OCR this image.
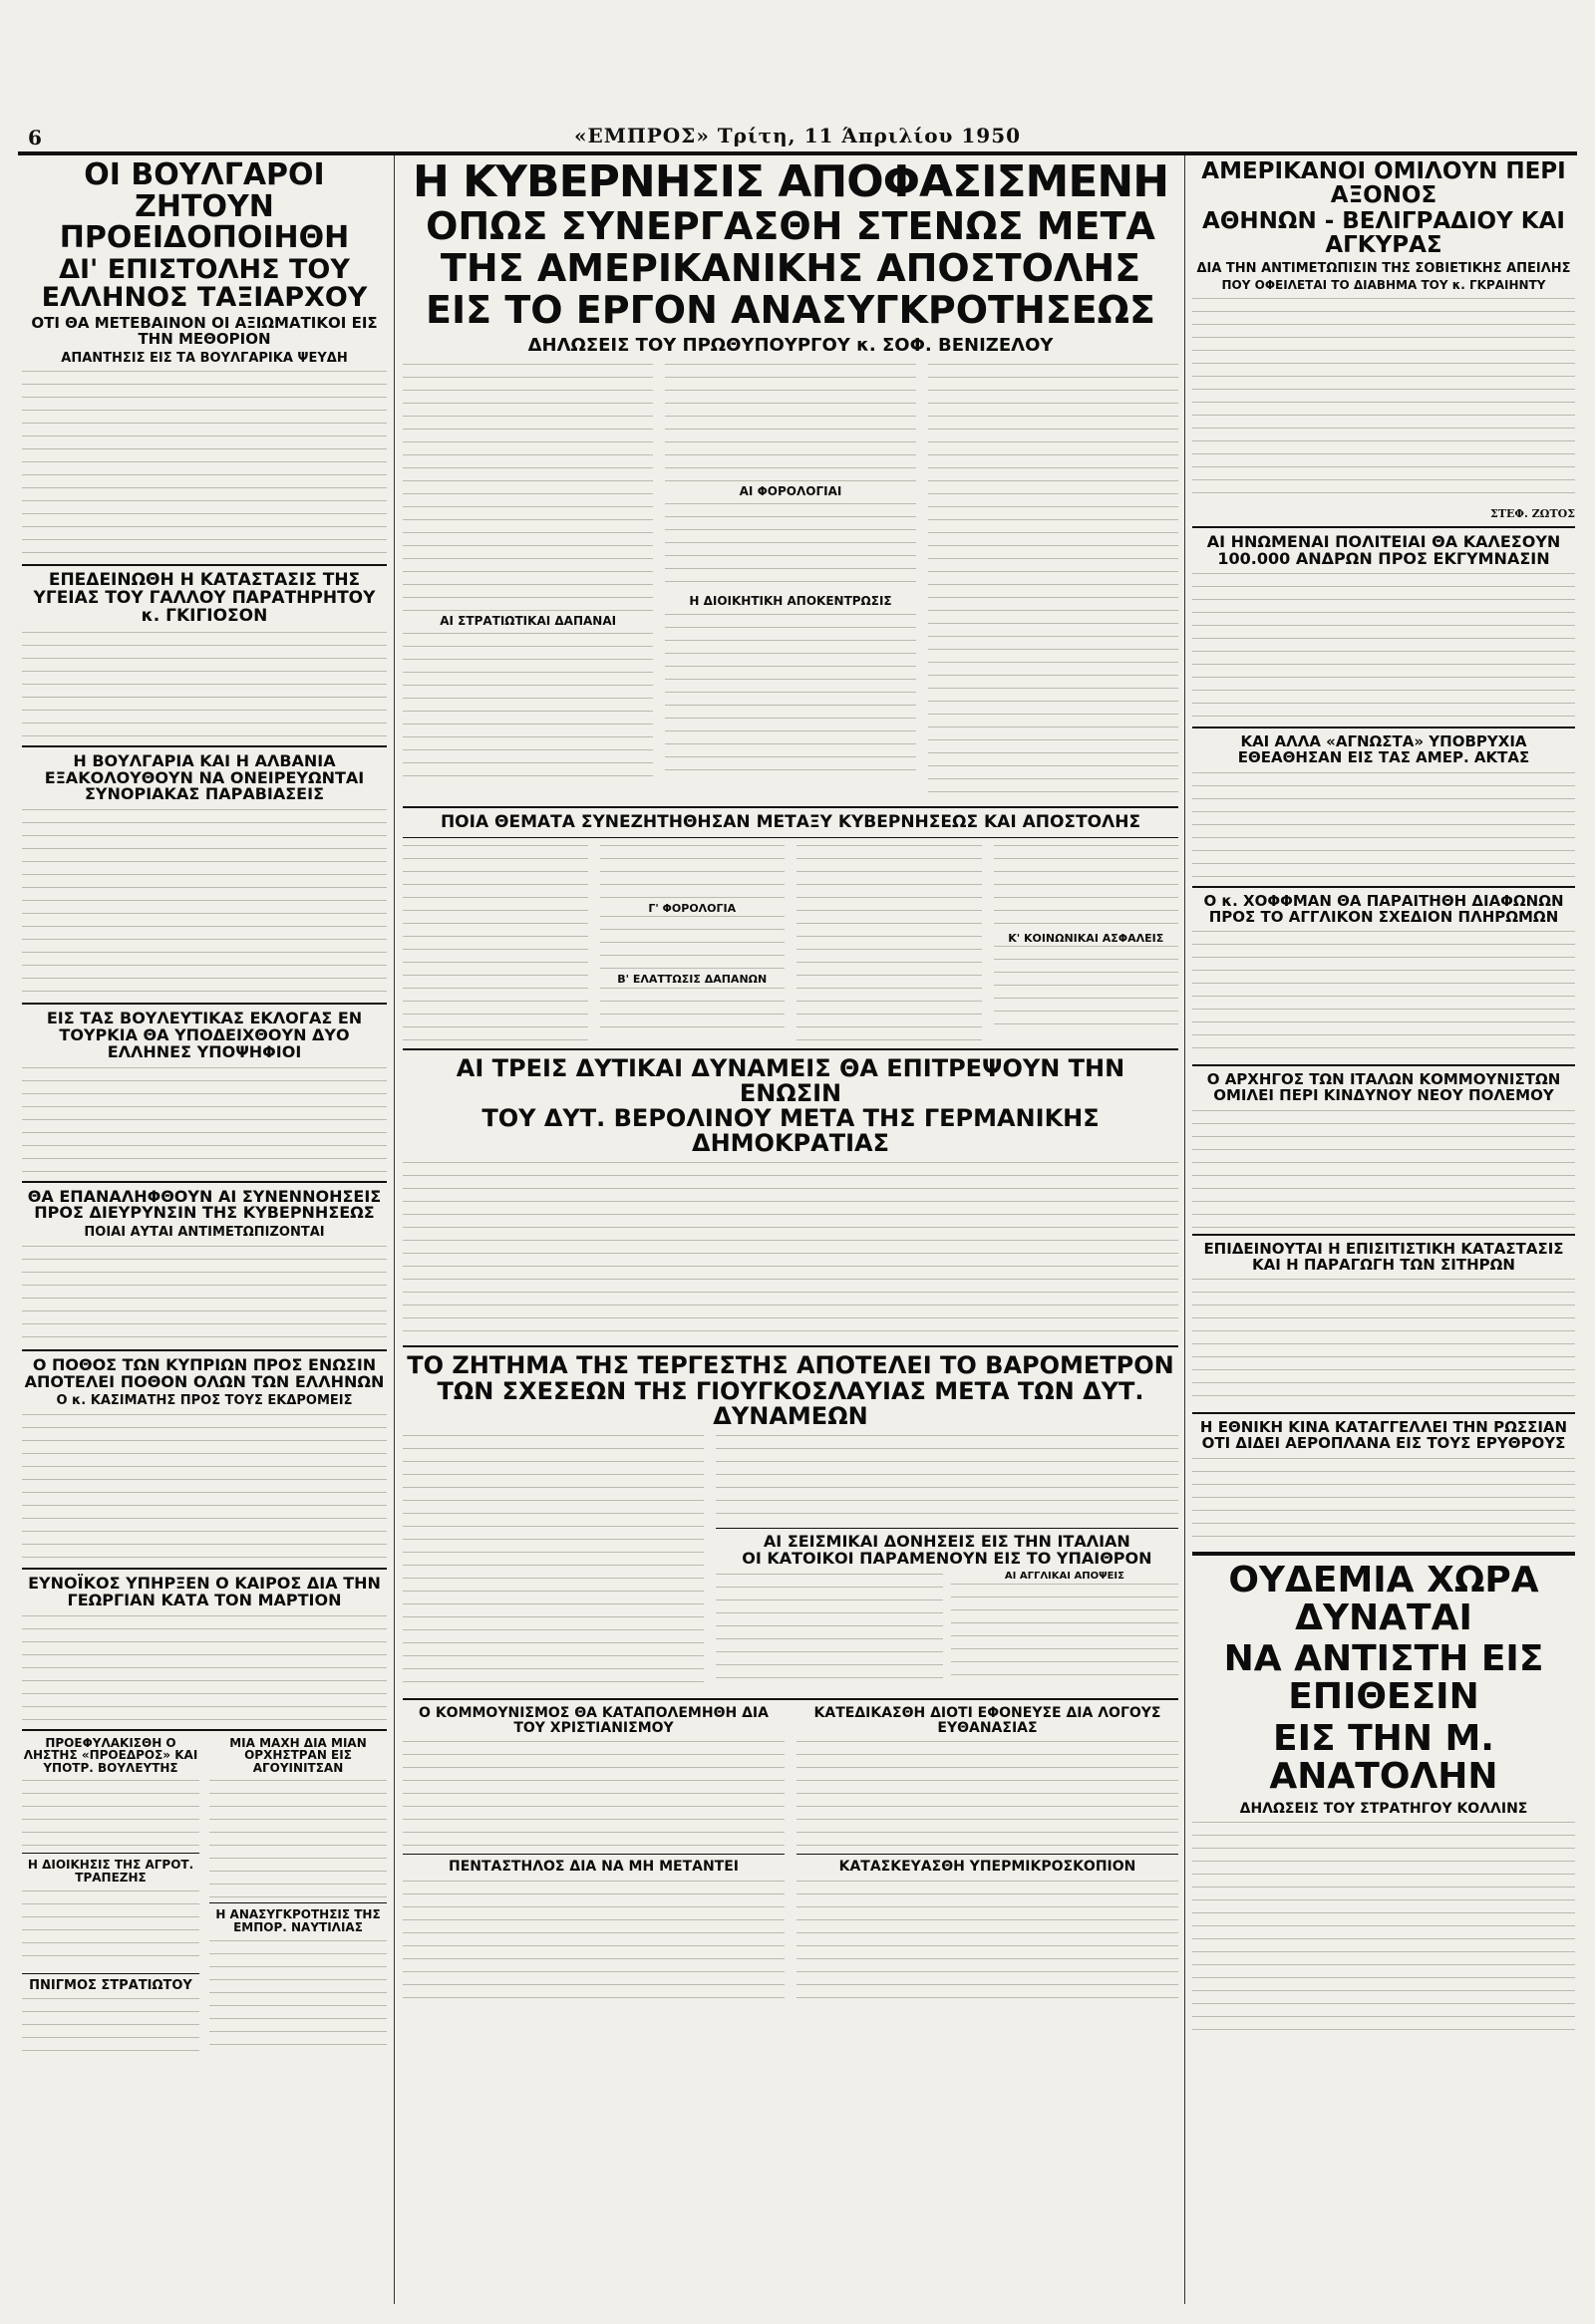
6	«ΕΜΠΡΟΣ» Τρίτη, 11 Άπριλίου 1950

ΟΙ ΒΟΥΛΓΑΡΟΙ ΖΗΤΟΥΝ ΠΡΟΕΙΔΟΠΟΙΗΘΗ

ΔΙ' ΕΠΙΣΤΟΛΗΣ ΤΟΥ ΕΛΛΗΝΟΣ ΤΑΞΙΑΡΧΟΥ

ΟΤΙ ΘΑ ΜΕΤΕΒΑΙΝΟΝ ΟΙ ΑΞΙΩΜΑΤΙΚΟΙ ΕΙΣ ΤΗΝ ΜΕΘΟΡΙΟΝ

ΑΠΑΝΤΗΣΙΣ ΕΙΣ ΤΑ ΒΟΥΛΓΑΡΙΚΑ ΨΕΥΔΗ

ΕΠΕΔΕΙΝΩΘΗ Η ΚΑΤΑΣΤΑΣΙΣ ΤΗΣ ΥΓΕΙΑΣ ΤΟΥ ΓΑΛΛΟΥ ΠΑΡΑΤΗΡΗΤΟΥ κ. ΓΚΙΓΙΟΣΟΝ

Η ΒΟΥΛΓΑΡΙΑ ΚΑΙ Η ΑΛΒΑΝΙΑ ΕΞΑΚΟΛΟΥΘΟΥΝ ΝΑ ΟΝΕΙΡΕΥΩΝΤΑΙ ΣΥΝΟΡΙΑΚΑΣ ΠΑΡΑΒΙΑΣΕΙΣ

ΕΙΣ ΤΑΣ ΒΟΥΛΕΥΤΙΚΑΣ ΕΚΛΟΓΑΣ ΕΝ ΤΟΥΡΚΙΑ ΘΑ ΥΠΟΔΕΙΧΘΟΥΝ ΔΥΟ ΕΛΛΗΝΕΣ ΥΠΟΨΗΦΙΟΙ

ΘΑ ΕΠΑΝΑΛΗΦΘΟΥΝ ΑΙ ΣΥΝΕΝΝΟΗΣΕΙΣ ΠΡΟΣ ΔΙΕΥΡΥΝΣΙΝ ΤΗΣ ΚΥΒΕΡΝΗΣΕΩΣ

ΠΟΙΑΙ ΑΥΤΑΙ ΑΝΤΙΜΕΤΩΠΙΖΟΝΤΑΙ

Ο ΠΟΘΟΣ ΤΩΝ ΚΥΠΡΙΩΝ ΠΡΟΣ ΕΝΩΣΙΝ ΑΠΟΤΕΛΕΙ ΠΟΘΟΝ ΟΛΩΝ ΤΩΝ ΕΛΛΗΝΩΝ

Ο κ. ΚΑΣΙΜΑΤΗΣ ΠΡΟΣ ΤΟΥΣ ΕΚΔΡΟΜΕΙΣ

ΕΥΝΟΪΚΟΣ ΥΠΗΡΞΕΝ Ο ΚΑΙΡΟΣ ΔΙΑ ΤΗΝ ΓΕΩΡΓΙΑΝ ΚΑΤΑ ΤΟΝ ΜΑΡΤΙΟΝ

ΠΡΟΕΦΥΛΑΚΙΣΘΗ Ο ΛΗΣΤΗΣ «ΠΡΟΕΔΡΟΣ» ΚΑΙ ΥΠΟΤΡ. ΒΟΥΛΕΥΤΗΣ

Η ΔΙΟΙΚΗΣΙΣ ΤΗΣ ΑΓΡΟΤ. ΤΡΑΠΕΖΗΣ

ΠΝΙΓΜΟΣ ΣΤΡΑΤΙΩΤΟΥ

ΜΙΑ ΜΑΧΗ ΔΙΑ ΜΙΑΝ ΟΡΧΗΣΤΡΑΝ ΕΙΣ ΑΓΟΥΙΝΙΤΣΑΝ

Η ΑΝΑΣΥΓΚΡΟΤΗΣΙΣ ΤΗΣ ΕΜΠΟΡ. ΝΑΥΤΙΛΙΑΣ

Η ΚΥΒΕΡΝΗΣΙΣ ΑΠΟΦΑΣΙΣΜΕΝΗ

ΟΠΩΣ ΣΥΝΕΡΓΑΣΘΗ ΣΤΕΝΩΣ ΜΕΤΑ

ΤΗΣ ΑΜΕΡΙΚΑΝΙΚΗΣ ΑΠΟΣΤΟΛΗΣ

ΕΙΣ ΤΟ ΕΡΓΟΝ ΑΝΑΣΥΓΚΡΟΤΗΣΕΩΣ

ΔΗΛΩΣΕΙΣ ΤΟΥ ΠΡΩΘΥΠΟΥΡΓΟΥ κ. ΣΟΦ. ΒΕΝΙΖΕΛΟΥ

ΑΙ ΣΤΡΑΤΙΩΤΙΚΑΙ ΔΑΠΑΝΑΙ

ΑΙ ΦΟΡΟΛΟΓΙΑΙ

Η ΔΙΟΙΚΗΤΙΚΗ ΑΠΟΚΕΝΤΡΩΣΙΣ

ΠΟΙΑ ΘΕΜΑΤΑ ΣΥΝΕΖΗΤΗΘΗΣΑΝ ΜΕΤΑΞΥ ΚΥΒΕΡΝΗΣΕΩΣ ΚΑΙ ΑΠΟΣΤΟΛΗΣ

Γ' ΦΟΡΟΛΟΓΙΑ

Β' ΕΛΑΤΤΩΣΙΣ ΔΑΠΑΝΩΝ

Κ' ΚΟΙΝΩΝΙΚΑΙ ΑΣΦΑΛΕΙΣ

ΑΙ ΤΡΕΙΣ ΔΥΤΙΚΑΙ ΔΥΝΑΜΕΙΣ ΘΑ ΕΠΙΤΡΕΨΟΥΝ ΤΗΝ ΕΝΩΣΙΝ

ΤΟΥ ΔΥΤ. ΒΕΡΟΛΙΝΟΥ ΜΕΤΑ ΤΗΣ ΓΕΡΜΑΝΙΚΗΣ ΔΗΜΟΚΡΑΤΙΑΣ

ΤΟ ΖΗΤΗΜΑ ΤΗΣ ΤΕΡΓΕΣΤΗΣ ΑΠΟΤΕΛΕΙ ΤΟ ΒΑΡΟΜΕΤΡΟΝ

ΤΩΝ ΣΧΕΣΕΩΝ ΤΗΣ ΓΙΟΥΓΚΟΣΛΑΥΙΑΣ ΜΕΤΑ ΤΩΝ ΔΥΤ. ΔΥΝΑΜΕΩΝ

ΑΙ ΣΕΙΣΜΙΚΑΙ ΔΟΝΗΣΕΙΣ ΕΙΣ ΤΗΝ ΙΤΑΛΙΑΝ

ΟΙ ΚΑΤΟΙΚΟΙ ΠΑΡΑΜΕΝΟΥΝ ΕΙΣ ΤΟ ΥΠΑΙΘΡΟΝ

ΑΙ ΑΓΓΛΙΚΑΙ ΑΠΟΨΕΙΣ

Ο ΚΟΜΜΟΥΝΙΣΜΟΣ ΘΑ ΚΑΤΑΠΟΛΕΜΗΘΗ ΔΙΑ ΤΟΥ ΧΡΙΣΤΙΑΝΙΣΜΟΥ

ΠΕΝΤΑΣΤΗΛΟΣ ΔΙΑ ΝΑ ΜΗ ΜΕΤΑΝΤΕΙ

ΚΑΤΕΔΙΚΑΣΘΗ ΔΙΟΤΙ ΕΦΟΝΕΥΣΕ ΔΙΑ ΛΟΓΟΥΣ ΕΥΘΑΝΑΣΙΑΣ

ΚΑΤΑΣΚΕΥΑΣΘΗ ΥΠΕΡΜΙΚΡΟΣΚΟΠΙΟΝ

ΑΜΕΡΙΚΑΝΟΙ ΟΜΙΛΟΥΝ ΠΕΡΙ ΑΞΟΝΟΣ

ΑΘΗΝΩΝ - ΒΕΛΙΓΡΑΔΙΟΥ ΚΑΙ ΑΓΚΥΡΑΣ

ΔΙΑ ΤΗΝ ΑΝΤΙΜΕΤΩΠΙΣΙΝ ΤΗΣ ΣΟΒΙΕΤΙΚΗΣ ΑΠΕΙΛΗΣ

ΠΟΥ ΟΦΕΙΛΕΤΑΙ ΤΟ ΔΙΑΒΗΜΑ ΤΟΥ κ. ΓΚΡΑΙΗΝΤΥ

ΣΤΕΦ. ΖΩΤΟΣ

ΑΙ ΗΝΩΜΕΝΑΙ ΠΟΛΙΤΕΙΑΙ ΘΑ ΚΑΛΕΣΟΥΝ 100.000 ΑΝΔΡΩΝ ΠΡΟΣ ΕΚΓΥΜΝΑΣΙΝ

ΚΑΙ ΑΛΛΑ «ΑΓΝΩΣΤΑ» ΥΠΟΒΡΥΧΙΑ ΕΘΕΑΘΗΣΑΝ ΕΙΣ ΤΑΣ ΑΜΕΡ. ΑΚΤΑΣ

Ο κ. ΧΟΦΦΜΑΝ ΘΑ ΠΑΡΑΙΤΗΘΗ ΔΙΑΦΩΝΩΝ ΠΡΟΣ ΤΟ ΑΓΓΛΙΚΟΝ ΣΧΕΔΙΟΝ ΠΛΗΡΩΜΩΝ

Ο ΑΡΧΗΓΟΣ ΤΩΝ ΙΤΑΛΩΝ ΚΟΜΜΟΥΝΙΣΤΩΝ ΟΜΙΛΕΙ ΠΕΡΙ ΚΙΝΔΥΝΟΥ ΝΕΟΥ ΠΟΛΕΜΟΥ

ΕΠΙΔΕΙΝΟΥΤΑΙ Η ΕΠΙΣΙΤΙΣΤΙΚΗ ΚΑΤΑΣΤΑΣΙΣ ΚΑΙ Η ΠΑΡΑΓΩΓΗ ΤΩΝ ΣΙΤΗΡΩΝ

Η ΕΘΝΙΚΗ ΚΙΝΑ ΚΑΤΑΓΓΕΛΛΕΙ ΤΗΝ ΡΩΣΣΙΑΝ ΟΤΙ ΔΙΔΕΙ ΑΕΡΟΠΛΑΝΑ ΕΙΣ ΤΟΥΣ ΕΡΥΘΡΟΥΣ

ΟΥΔΕΜΙΑ ΧΩΡΑ ΔΥΝΑΤΑΙ

ΝΑ ΑΝΤΙΣΤΗ ΕΙΣ ΕΠΙΘΕΣΙΝ

ΕΙΣ ΤΗΝ Μ. ΑΝΑΤΟΛΗΝ

ΔΗΛΩΣΕΙΣ ΤΟΥ ΣΤΡΑΤΗΓΟΥ ΚΟΛΛΙΝΣ
